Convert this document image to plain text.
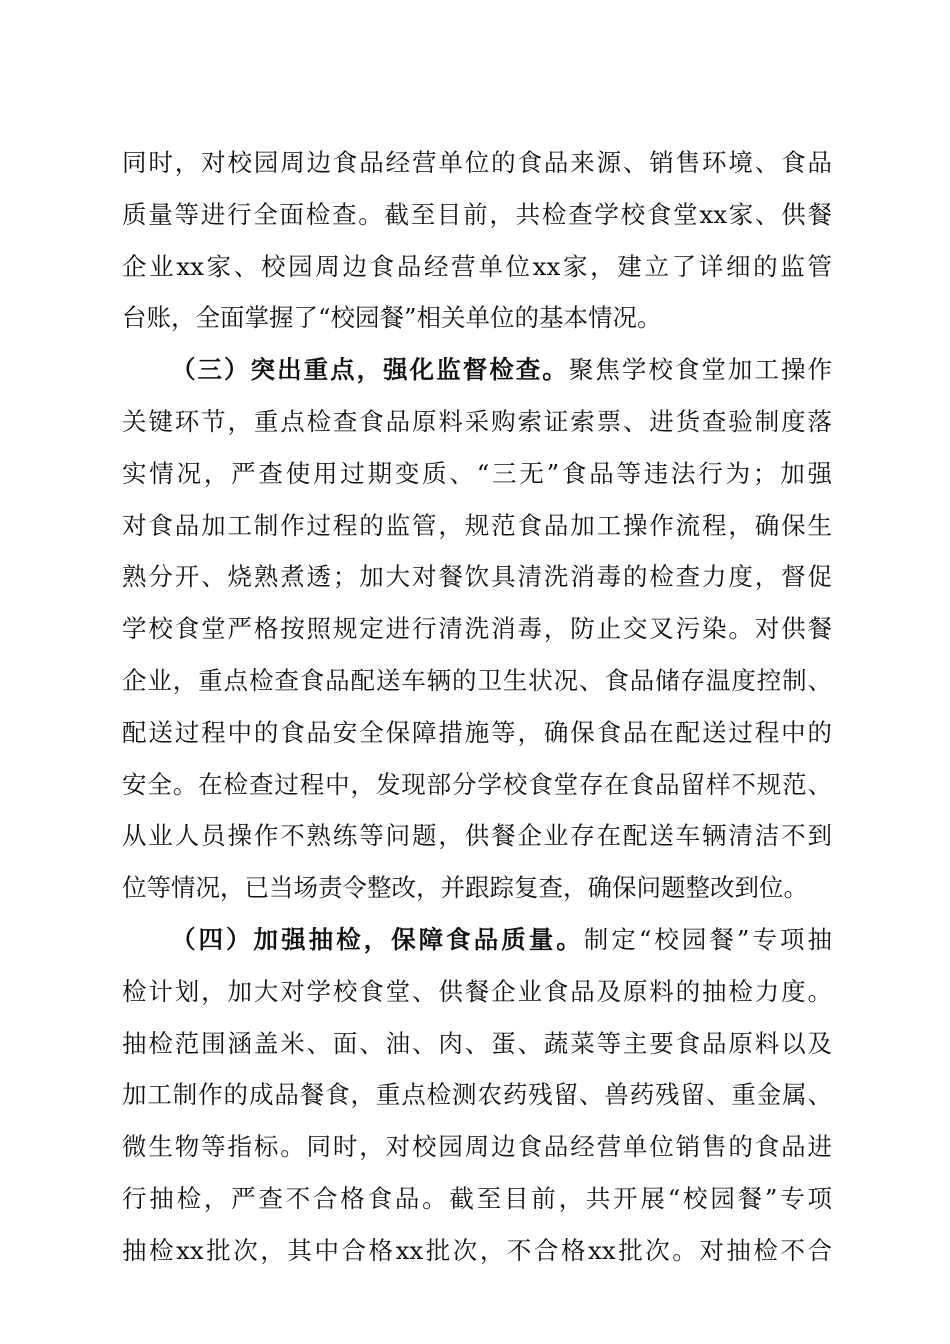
同时，对校园周边食品经营单位的食品来源、销售环境、食品
质量等进行全面检查。截至目前，共检查学校食堂xx家、供餐
企业xx家、校园周边食品经营单位xx家，建立了详细的监管
台账，全面掌握了“校园餐”相关单位的基本情况。
（三）突出重点，强化监督检查。聚焦学校食堂加工操作
关键环节，重点检查食品原料采购索证索票、进货查验制度落
实情况，严查使用过期变质、“三无”食品等违法行为；加强
对食品加工制作过程的监管，规范食品加工操作流程，确保生
熟分开、烧熟煮透；加大对餐饮具清洗消毒的检查力度，督促
学校食堂严格按照规定进行清洗消毒，防止交叉污染。对供餐
企业，重点检查食品配送车辆的卫生状况、食品储存温度控制、
配送过程中的食品安全保障措施等，确保食品在配送过程中的
安全。在检查过程中，发现部分学校食堂存在食品留样不规范、
从业人员操作不熟练等问题，供餐企业存在配送车辆清洁不到
位等情况，已当场责令整改，并跟踪复查，确保问题整改到位。
（四）加强抽检，保障食品质量。制定“校园餐”专项抽
检计划，加大对学校食堂、供餐企业食品及原料的抽检力度。
抽检范围涵盖米、面、油、肉、蛋、蔬菜等主要食品原料以及
加工制作的成品餐食，重点检测农药残留、兽药残留、重金属、
微生物等指标。同时，对校园周边食品经营单位销售的食品进
行抽检，严查不合格食品。截至目前，共开展“校园餐”专项
抽检xx批次，其中合格xx批次，不合格xx批次。对抽检不合
